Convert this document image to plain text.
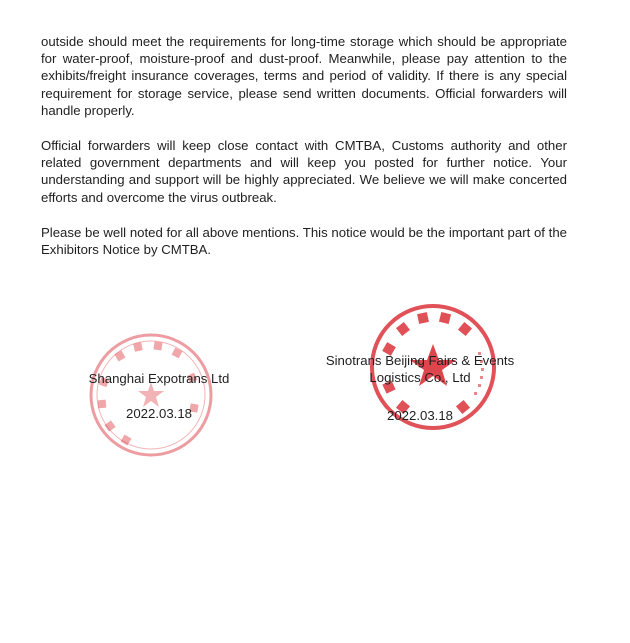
outside should meet the requirements for long-time storage which should be appropriate for water-proof, moisture-proof and dust-proof. Meanwhile, please pay attention to the exhibits/freight insurance coverages, terms and period of validity. If there is any special requirement for storage service, please send written documents. Official forwarders will handle properly.

Official forwarders will keep close contact with CMTBA, Customs authority and other related government departments and will keep you posted for further notice. Your understanding and support will be highly appreciated. We believe we will make concerted efforts and overcome the virus outbreak.

Please be well noted for all above mentions. This notice would be the important part of the Exhibitors Notice by CMTBA.

Shanghai Expotrans Ltd
2022.03.18
Sinotrans Beijing Fairs & Events
Logistics Co., Ltd
2022.03.18
